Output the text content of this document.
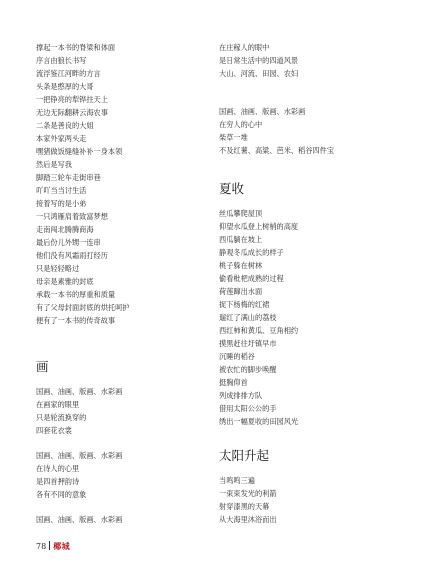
撑起一本书的脊梁和体面
序言由狼长书写
流浮鉴江河畔的方言
头条是憨厚的大哥
一把铮亮的犁铧拄天上
无边无际翻耕云海农事
二条是善良的大姐
本家外家两头走
嘿猪做饭缝缝补补一身本领
然后是写我
脚踏三轮车走街串巷
吖吖当当讨生活
接着写的是小弟
一只鸿雁肩着致富梦想
走南闯北腾腾商海
最后份儿外甥一连串
他们没有风霜雨打经历
只是轻轻略过
母亲是素雅的封底
承载一本书的厚重和质量
有了父母封面封底的烘托呵护
便有了一本书的传奇故事
画
国画、油画、版画、水彩画
在画家的眼里
只是轮流换穿的
四套花衣裳
国画、油画、版画、水彩画
在诗人的心里
是四首押韵诗
各有不同的意象
国画、油画、版画、水彩画
在庄稼人的眼中
是日常生活中的四道风景
大山、河流、田园、农妇
国画、油画、版画、水彩画
在穷人的心中
柴草一堆
不及红薯、高粱、芭米、稻谷四件宝
夏收
丝瓜攀爬屋顶
仰望水瓜登上树梢的高度
西瓜躺在坡上
静观冬瓜成长的样子
桃子躲在树林
偷看枇杷成熟的过程
荷莲蹿出水面
捉下杨梅的红裙
遛红了满山的荔枝
西红柿和黄瓜、豆角相约
摸黑赶往圩镇早市
沉睡的稻谷
被农忙的脚步唤醒
挺胸仰首
列成排排方队
借用太阳公公的手
绣出一幅夏收的田园风光
太阳升起
当鸣鸣三遍
一束束发光的利箭
射穿漆黑的天幕
从大海里沐浴而出
78 椰城
